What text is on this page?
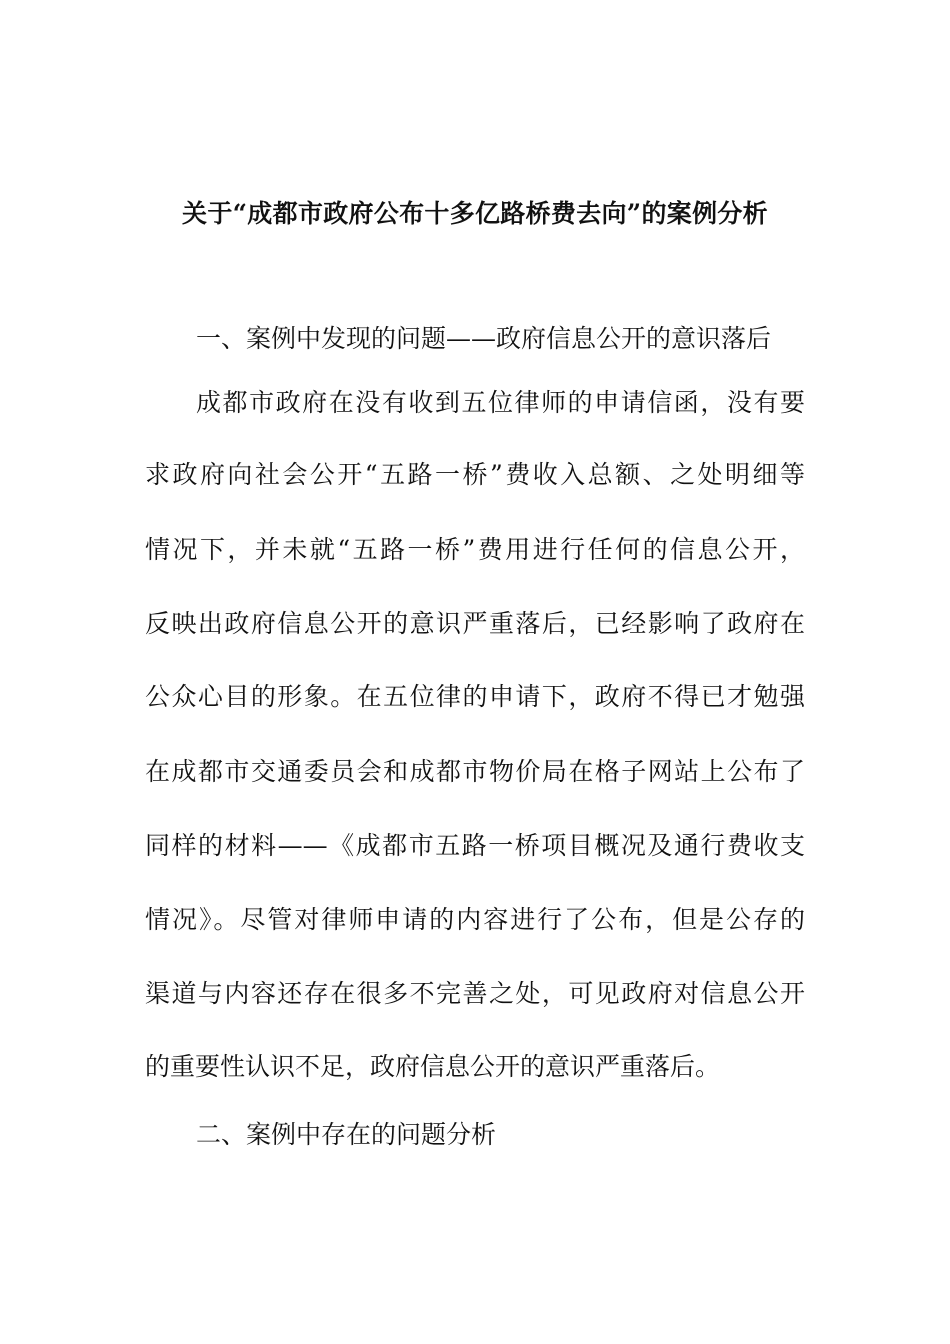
关于“成都市政府公布十多亿路桥费去向”的案例分析
一、案例中发现的问题——政府信息公开的意识落后
成都市政府在没有收到五位律师的申请信函，没有要
求政府向社会公开“五路一桥”费收入总额、之处明细等
情况下，并未就“五路一桥”费用进行任何的信息公开，
反映出政府信息公开的意识严重落后，已经影响了政府在
公众心目的形象。在五位律的申请下，政府不得已才勉强
在成都市交通委员会和成都市物价局在格子网站上公布了
同样的材料——《成都市五路一桥项目概况及通行费收支
情况》。尽管对律师申请的内容进行了公布，但是公存的
渠道与内容还存在很多不完善之处，可见政府对信息公开
的重要性认识不足，政府信息公开的意识严重落后。
二、案例中存在的问题分析
